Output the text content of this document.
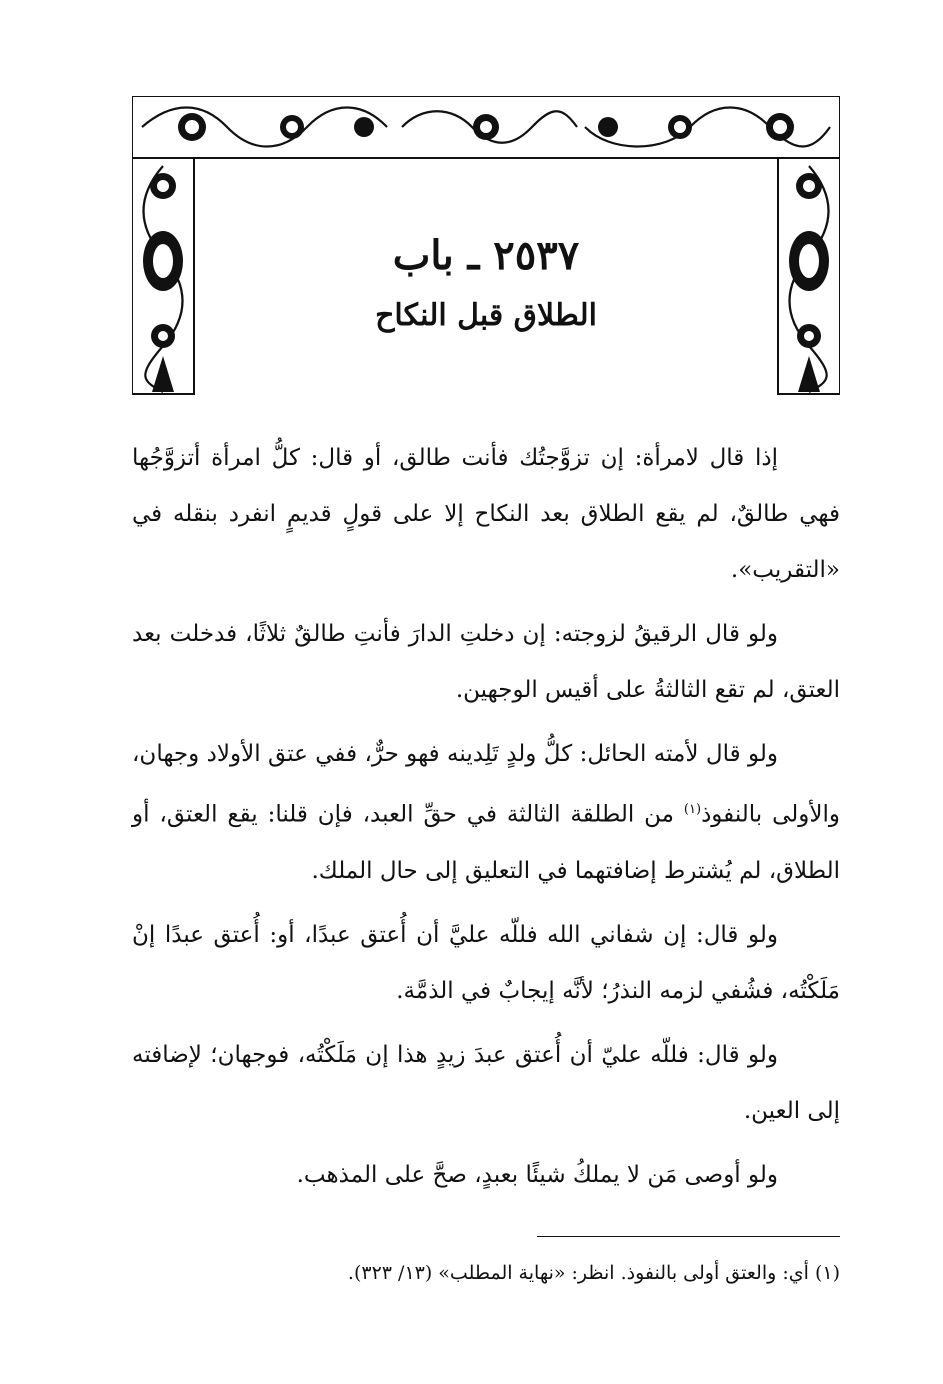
٢٥٣٧ ـ باب
الطلاق قبل النكاح

إذا قال لامرأة: إن تزوَّجتُك فأنت طالق، أو قال: كلُّ امرأة أتزوَّجُها فهي طالقٌ، لم يقع الطلاق بعد النكاح إلا على قولٍ قديمٍ انفرد بنقله في «التقريب».

ولو قال الرقيقُ لزوجته: إن دخلتِ الدارَ فأنتِ طالقٌ ثلاثًا، فدخلت بعد العتق، لم تقع الثالثةُ على أقيس الوجهين.

ولو قال لأمته الحائل: كلُّ ولدٍ تَلِدينه فهو حرٌّ، ففي عتق الأولاد وجهان، والأولى بالنفوذ$^{(١)}$ من الطلقة الثالثة في حقِّ العبد، فإن قلنا: يقع العتق، أو الطلاق، لم يُشترط إضافتهما في التعليق إلى حال الملك.

ولو قال: إن شفاني الله فللّه عليَّ أن أُعتق عبدًا، أو: أُعتق عبدًا إنْ مَلَكْتُه، فشُفي لزمه النذرُ؛ لأنَّه إيجابٌ في الذمَّة.

ولو قال: فللّه عليّ أن أُعتق عبدَ زيدٍ هذا إن مَلَكْتُه، فوجهان؛ لإضافته إلى العين.

ولو أوصى مَن لا يملكُ شيئًا بعبدٍ، صحَّ على المذهب.

(١) أي: والعتق أولى بالنفوذ. انظر: «نهاية المطلب» (١٣/ ٣٢٣).
